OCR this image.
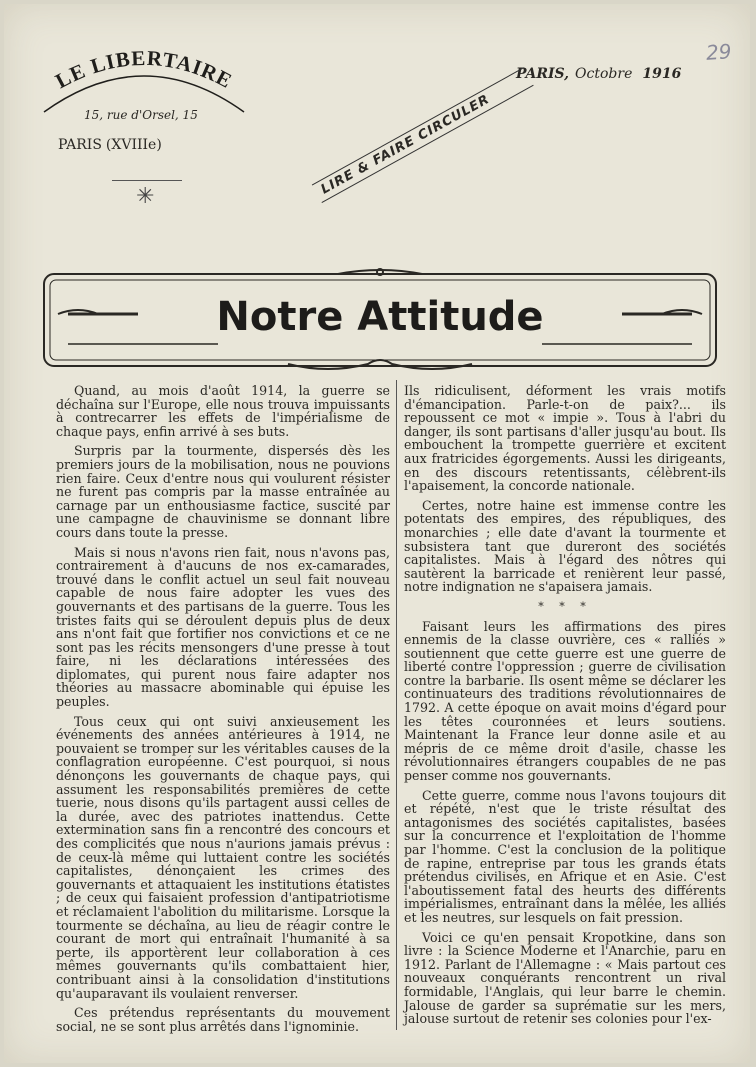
29
LE LIBERTAIRE
15, rue d'Orsel, 15
PARIS (XVIIIe)
✳
PARIS, Octobre 1916
LIRE & FAIRE CIRCULER
Notre Attitude

Quand, au mois d'août 1914, la guerre se déchaîna sur l'Europe, elle nous trouva impuissants à contrecarrer les effets de l'impérialisme de chaque pays, enfin arrivé à ses buts.

Surpris par la tourmente, dispersés dès les premiers jours de la mobilisation, nous ne pouvions rien faire. Ceux d'entre nous qui voulurent résister ne furent pas compris par la masse entraînée au carnage par un enthousiasme factice, suscité par une campagne de chauvinisme se donnant libre cours dans toute la presse.

Mais si nous n'avons rien fait, nous n'avons pas, contrairement à d'aucuns de nos ex-camarades, trouvé dans le conflit actuel un seul fait nouveau capable de nous faire adopter les vues des gouvernants et des partisans de la guerre. Tous les tristes faits qui se déroulent depuis plus de deux ans n'ont fait que fortifier nos convictions et ce ne sont pas les récits mensongers d'une presse à tout faire, ni les déclarations intéressées des diplomates, qui purent nous faire adapter nos théories au massacre abominable qui épuise les peuples.

Tous ceux qui ont suivi anxieusement les événements des années antérieures à 1914, ne pouvaient se tromper sur les véritables causes de la conflagration européenne. C'est pourquoi, si nous dénonçons les gouvernants de chaque pays, qui assument les responsabilités premières de cette tuerie, nous disons qu'ils partagent aussi celles de la durée, avec des patriotes inattendus. Cette extermination sans fin a rencontré des concours et des complicités que nous n'aurions jamais prévus : de ceux-là même qui luttaient contre les sociétés capitalistes, dénonçaient les crimes des gouvernants et attaquaient les institutions étatistes ; de ceux qui faisaient profession d'antipatriotisme et réclamaient l'abolition du militarisme. Lorsque la tourmente se déchaîna, au lieu de réagir contre le courant de mort qui entraînait l'humanité à sa perte, ils apportèrent leur collaboration à ces mêmes gouvernants qu'ils combattaient hier, contribuant ainsi à la consolidation d'institutions qu'auparavant ils voulaient renverser.

Ces prétendus représentants du mouvement social, ne se sont plus arrêtés dans l'ignominie.

Ils ridiculisent, déforment les vrais motifs d'émancipation. Parle-t-on de paix?... ils repoussent ce mot « impie ». Tous à l'abri du danger, ils sont partisans d'aller jusqu'au bout. Ils embouchent la trompette guerrière et excitent aux fratricides égorgements. Aussi les dirigeants, en des discours retentissants, célèbrent-ils l'apaisement, la concorde nationale.

Certes, notre haine est immense contre les potentats des empires, des républiques, des monarchies ; elle date d'avant la tourmente et subsistera tant que dureront des sociétés capitalistes. Mais à l'égard des nôtres qui sautèrent la barricade et renièrent leur passé, notre indignation ne s'apaisera jamais.

* * *

Faisant leurs les affirmations des pires ennemis de la classe ouvrière, ces « ralliés » soutiennent que cette guerre est une guerre de liberté contre l'oppression ; guerre de civilisation contre la barbarie. Ils osent même se déclarer les continuateurs des traditions révolutionnaires de 1792. A cette époque on avait moins d'égard pour les têtes couronnées et leurs soutiens. Maintenant la France leur donne asile et au mépris de ce même droit d'asile, chasse les révolutionnaires étrangers coupables de ne pas penser comme nos gouvernants.

Cette guerre, comme nous l'avons toujours dit et répété, n'est que le triste résultat des antagonismes des sociétés capitalistes, basées sur la concurrence et l'exploitation de l'homme par l'homme. C'est la conclusion de la politique de rapine, entreprise par tous les grands états prétendus civilisés, en Afrique et en Asie. C'est l'aboutissement fatal des heurts des différents impérialismes, entraînant dans la mêlée, les alliés et les neutres, sur lesquels on fait pression.

Voici ce qu'en pensait Kropotkine, dans son livre : la Science Moderne et l'Anarchie, paru en 1912. Parlant de l'Allemagne : « Mais partout ces nouveaux conquérants rencontrent un rival formidable, l'Anglais, qui leur barre le chemin. Jalouse de garder sa suprématie sur les mers, jalouse surtout de retenir ses colonies pour l'ex-
